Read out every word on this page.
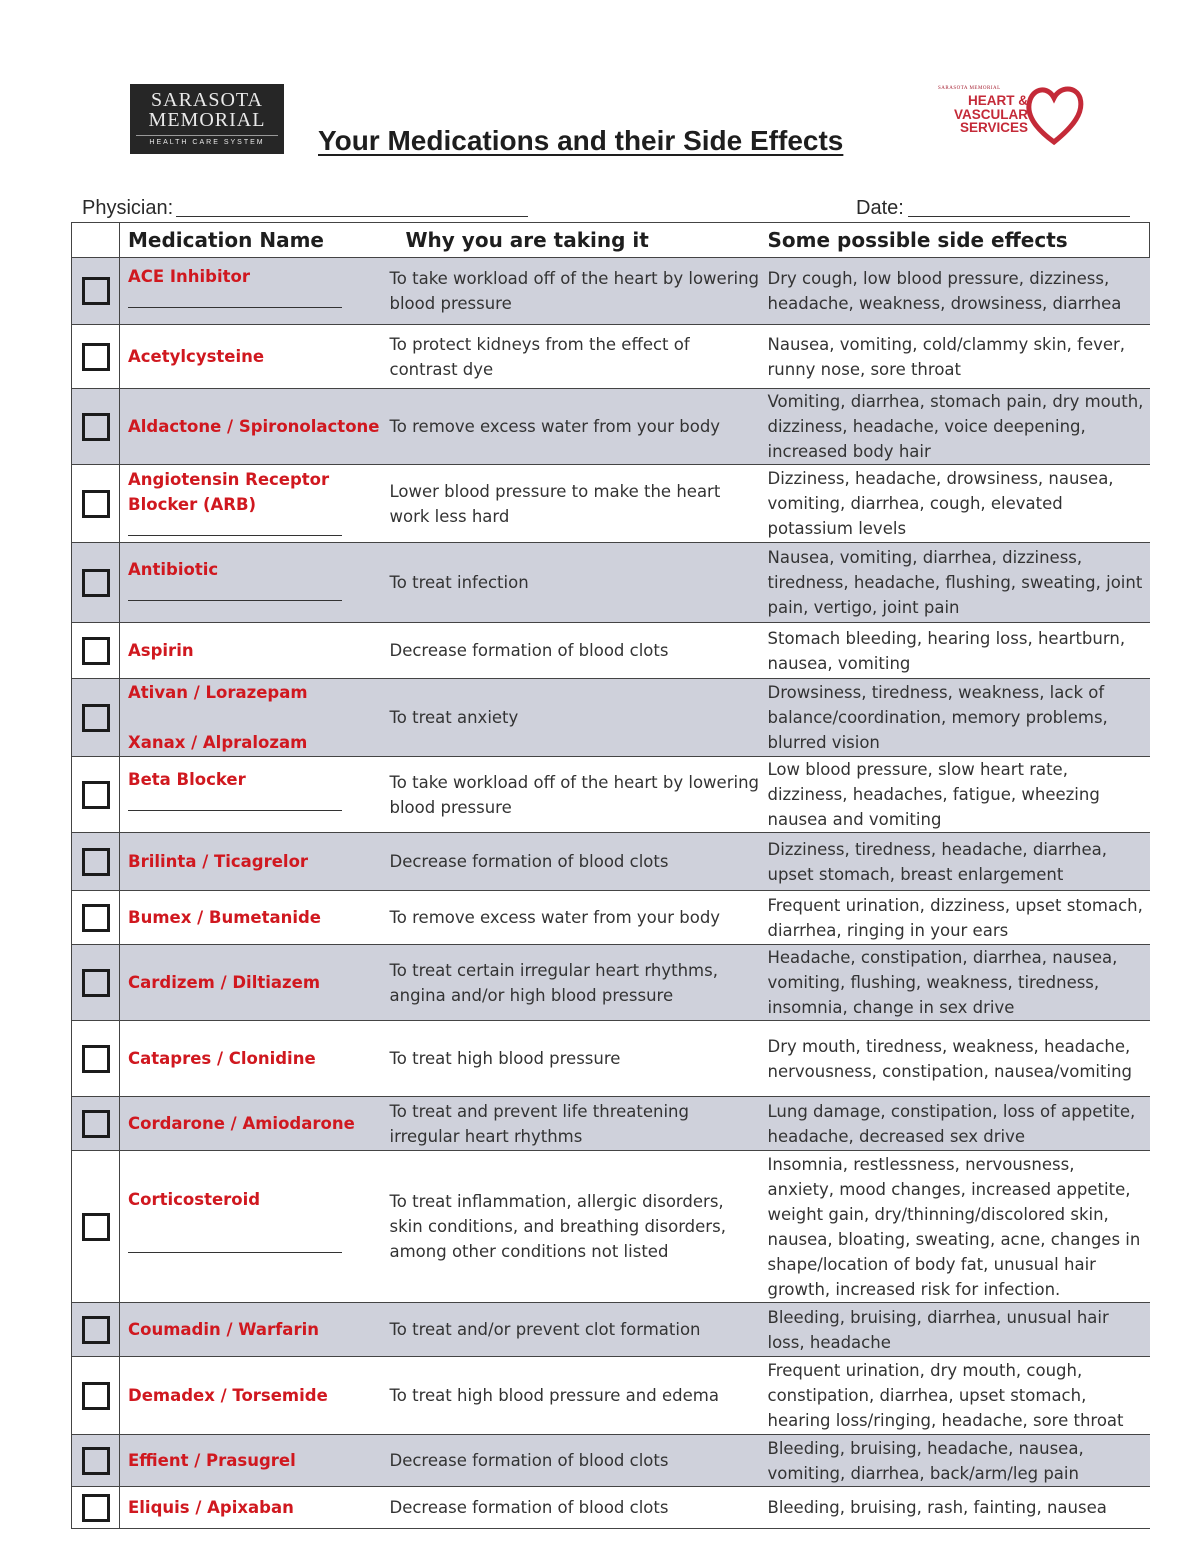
SARASOTA
MEMORIAL
HEALTH CARE SYSTEM	Your Medications and their Side Effects
SARASOTA MEMORIAL
HEART &
VASCULAR
SERVICES
Physician:	Date:
	Medication Name	Why you are taking it	Some possible side effects

	ACE Inhibitor	To take workload off of the heart by lowering blood pressure	Dry cough, low blood pressure, dizziness, headache, weakness, drowsiness, diarrhea
	Acetylcysteine	To protect kidneys from the effect of contrast dye	Nausea, vomiting, cold/clammy skin, fever, runny nose, sore throat
	Aldactone / Spironolactone	To remove excess water from your body	Vomiting, diarrhea, stomach pain, dry mouth, dizziness, headache, voice deepening, increased body hair

	Angiotensin Receptor Blocker (ARB)	Lower blood pressure to make the heart work less hard	Dizziness, headache, drowsiness, nausea, vomiting, diarrhea, cough, elevated potassium levels

	Antibiotic	To treat infection	Nausea, vomiting, diarrhea, dizziness, tiredness, headache, flushing, sweating, joint pain, vertigo, joint pain
	Aspirin	Decrease formation of blood clots	Stomach bleeding, hearing loss, heartburn, nausea, vomiting

	Ativan / Lorazepam
Xanax / Alpralozam	To treat anxiety	Drowsiness, tiredness, weakness, lack of balance/coordination, memory problems, blurred vision

	Beta Blocker	To take workload off of the heart by lowering blood pressure	Low blood pressure, slow heart rate, dizziness, headaches, fatigue, wheezing nausea and vomiting
	Brilinta / Ticagrelor	Decrease formation of blood clots	Dizziness, tiredness, headache, diarrhea, upset stomach, breast enlargement
	Bumex / Bumetanide	To remove excess water from your body	Frequent urination, dizziness, upset stomach, diarrhea, ringing in your ears
	Cardizem / Diltiazem	To treat certain irregular heart rhythms, angina and/or high blood pressure	Headache, constipation, diarrhea, nausea, vomiting, flushing, weakness, tiredness, insomnia, change in sex drive
	Catapres / Clonidine	To treat high blood pressure	Dry mouth, tiredness, weakness, headache, nervousness, constipation, nausea/vomiting
	Cordarone / Amiodarone	To treat and prevent life threatening irregular heart rhythms	Lung damage, constipation, loss of appetite, headache, decreased sex drive

	Corticosteroid	To treat inflammation, allergic disorders, skin conditions, and breathing disorders, among other conditions not listed	Insomnia, restlessness, nervousness, anxiety, mood changes, increased appetite, weight gain, dry/thinning/discolored skin, nausea, bloating, sweating, acne, changes in shape/location of body fat, unusual hair growth, increased risk for infection.
	Coumadin / Warfarin	To treat and/or prevent clot formation	Bleeding, bruising, diarrhea, unusual hair loss, headache
	Demadex / Torsemide	To treat high blood pressure and edema	Frequent urination, dry mouth, cough, constipation, diarrhea, upset stomach, hearing loss/ringing, headache, sore throat
	Effient / Prasugrel	Decrease formation of blood clots	Bleeding, bruising, headache, nausea, vomiting, diarrhea, back/arm/leg pain
	Eliquis / Apixaban	Decrease formation of blood clots	Bleeding, bruising, rash, fainting, nausea
